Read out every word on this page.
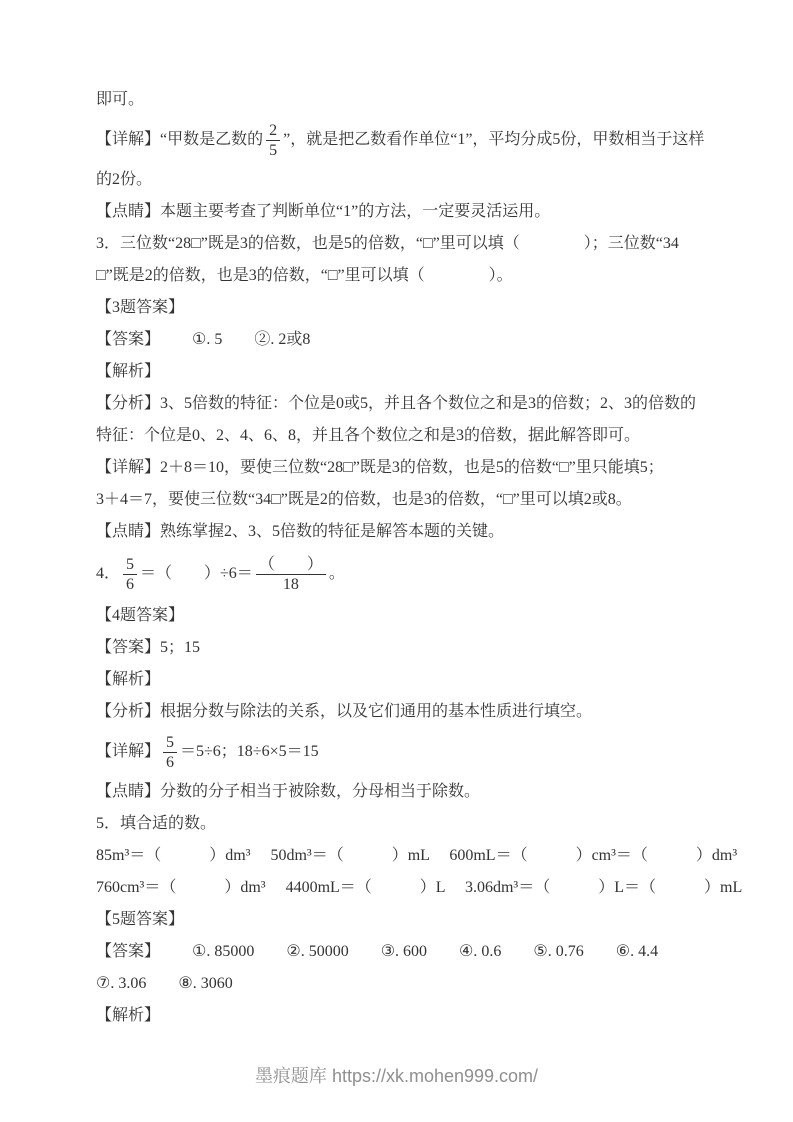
即可。
【详解】“甲数是乙数的 $\frac{2}{5}$ ”，就是把乙数看作单位“1”，平均分成5份，甲数相当于这样
的2份。
【点睛】本题主要考查了判断单位“1”的方法，一定要灵活运用。
3．三位数“28□”既是3的倍数，也是5的倍数，“□”里可以填（　　　　）；三位数“34
□”既是2的倍数，也是3的倍数，“□”里可以填（　　　　）。
【3题答案】
【答案】 ①. 5 ②. 2或8
【解析】
【分析】3、5倍数的特征：个位是0或5，并且各个数位之和是3的倍数；2、3的倍数的
特征：个位是0、2、4、6、8，并且各个数位之和是3的倍数，据此解答即可。
【详解】2＋8＝10，要使三位数“28□”既是3的倍数，也是5的倍数“□”里只能填5；
3＋4＝7，要使三位数“34□”既是2的倍数，也是3的倍数，“□”里可以填2或8。
【点睛】熟练掌握2、3、5倍数的特征是解答本题的关键。
4． $\frac{5}{6}$ ＝（　　）$\div 6= \frac{( )}{18}$ 。
【4题答案】
【答案】5；15
【解析】
【分析】根据分数与除法的关系，以及它们通用的基本性质进行填空。
【详解】 $\frac{5}{6} =5\div 6$；18÷6×5＝15
【点睛】分数的分子相当于被除数，分母相当于除数。
5．填合适的数。
85m³＝（　　　）dm³　 50dm³＝（　　　）mL　 600mL＝（　　　）cm³＝（　　　）dm³
760cm³＝（　　　）dm³　 4400mL＝（　　　）L　 3.06dm³＝（　　　）L＝（　　　）mL
【5题答案】
【答案】 ①. 85000 ②. 50000 ③. 600 ④. 0.6 ⑤. 0.76 ⑥. 4.4
⑦. 3.06 ⑧. 3060
【解析】
墨痕题库 https://xk.mohen999.com/
